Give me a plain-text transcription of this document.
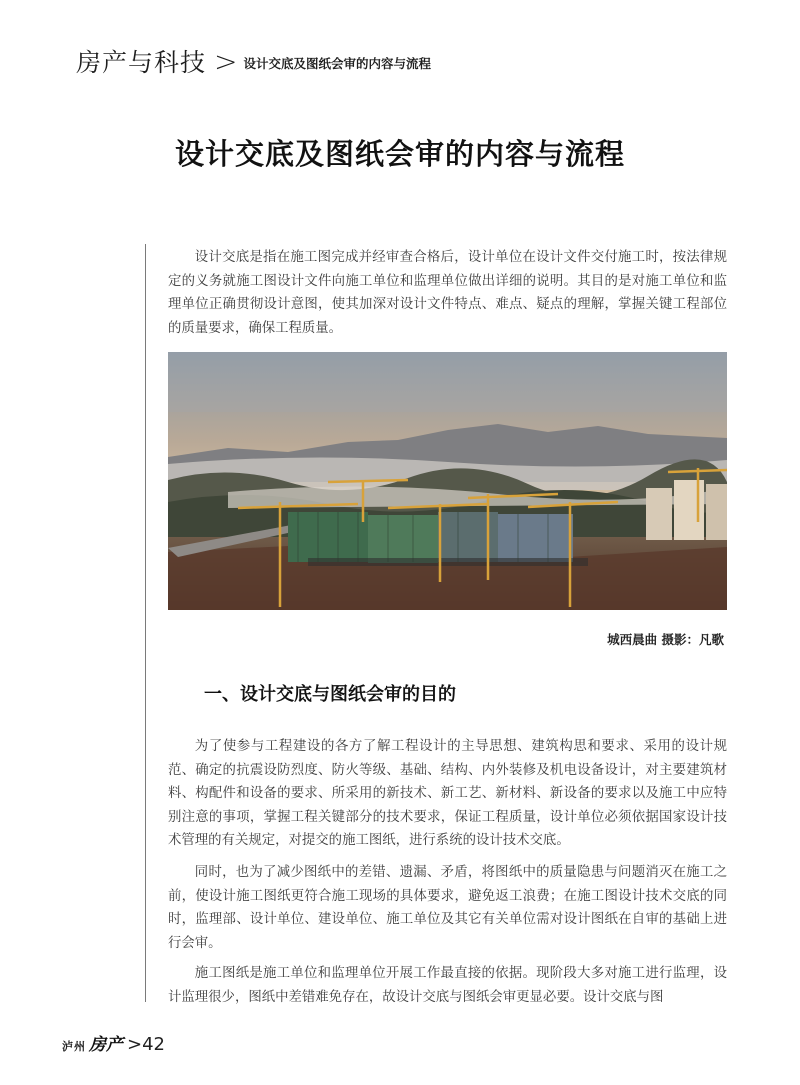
房产与科技 > 设计交底及图纸会审的内容与流程
设计交底及图纸会审的内容与流程

设计交底是指在施工图完成并经审查合格后，设计单位在设计文件交付施工时，按法律规定的义务就施工图设计文件向施工单位和监理单位做出详细的说明。其目的是对施工单位和监理单位正确贯彻设计意图，使其加深对设计文件特点、难点、疑点的理解，掌握关键工程部位的质量要求，确保工程质量。

城西晨曲 摄影：凡歌
一、设计交底与图纸会审的目的

为了使参与工程建设的各方了解工程设计的主导思想、建筑构思和要求、采用的设计规范、确定的抗震设防烈度、防火等级、基础、结构、内外装修及机电设备设计，对主要建筑材料、构配件和设备的要求、所采用的新技术、新工艺、新材料、新设备的要求以及施工中应特别注意的事项，掌握工程关键部分的技术要求，保证工程质量，设计单位必须依据国家设计技术管理的有关规定，对提交的施工图纸，进行系统的设计技术交底。

同时，也为了减少图纸中的差错、遗漏、矛盾，将图纸中的质量隐患与问题消灭在施工之前，使设计施工图纸更符合施工现场的具体要求，避免返工浪费；在施工图设计技术交底的同时，监理部、设计单位、建设单位、施工单位及其它有关单位需对设计图纸在自审的基础上进行会审。

施工图纸是施工单位和监理单位开展工作最直接的依据。现阶段大多对施工进行监理，设计监理很少，图纸中差错难免存在，故设计交底与图纸会审更显必要。设计交底与图

泸州 房产 >42
